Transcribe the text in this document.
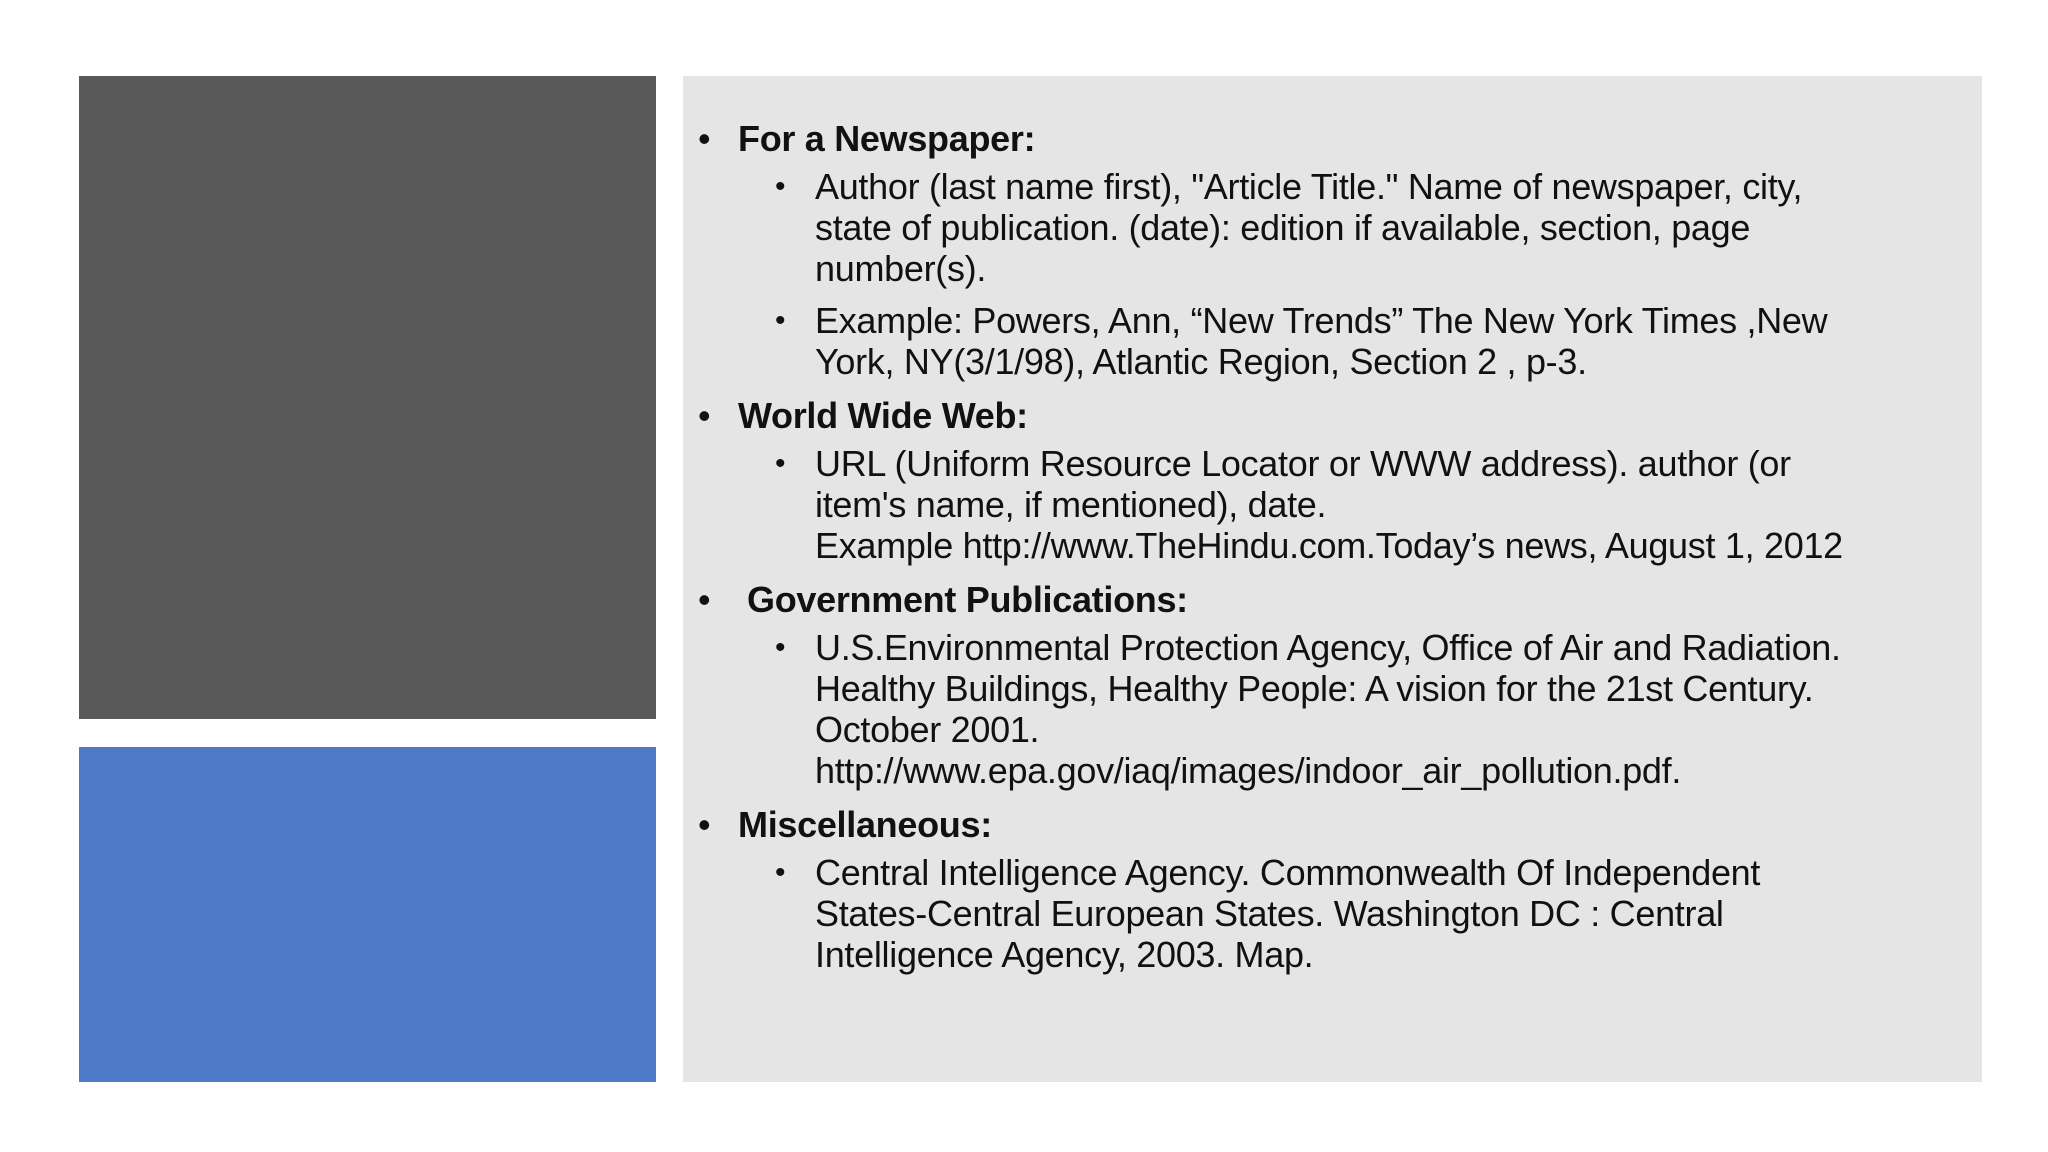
• For a Newspaper:
• Author (last name first), "Article Title." Name of newspaper, city,
state of publication. (date): edition if available, section, page
number(s).
• Example: Powers, Ann, “New Trends” The New York Times ,New
York, NY(3/1/98), Atlantic Region, Section 2 , p-3.
• World Wide Web:
• URL (Uniform Resource Locator or WWW address). author (or
item's name, if mentioned), date.
Example http://www.TheHindu.com.Today’s news, August 1, 2012
• Government Publications:
• U.S.Environmental Protection Agency, Office of Air and Radiation.
Healthy Buildings, Healthy People: A vision for the 21st Century.
October 2001.
http://www.epa.gov/iaq/images/indoor_air_pollution.pdf.
• Miscellaneous:
• Central Intelligence Agency. Commonwealth Of Independent
States-Central European States. Washington DC : Central
Intelligence Agency, 2003. Map.
